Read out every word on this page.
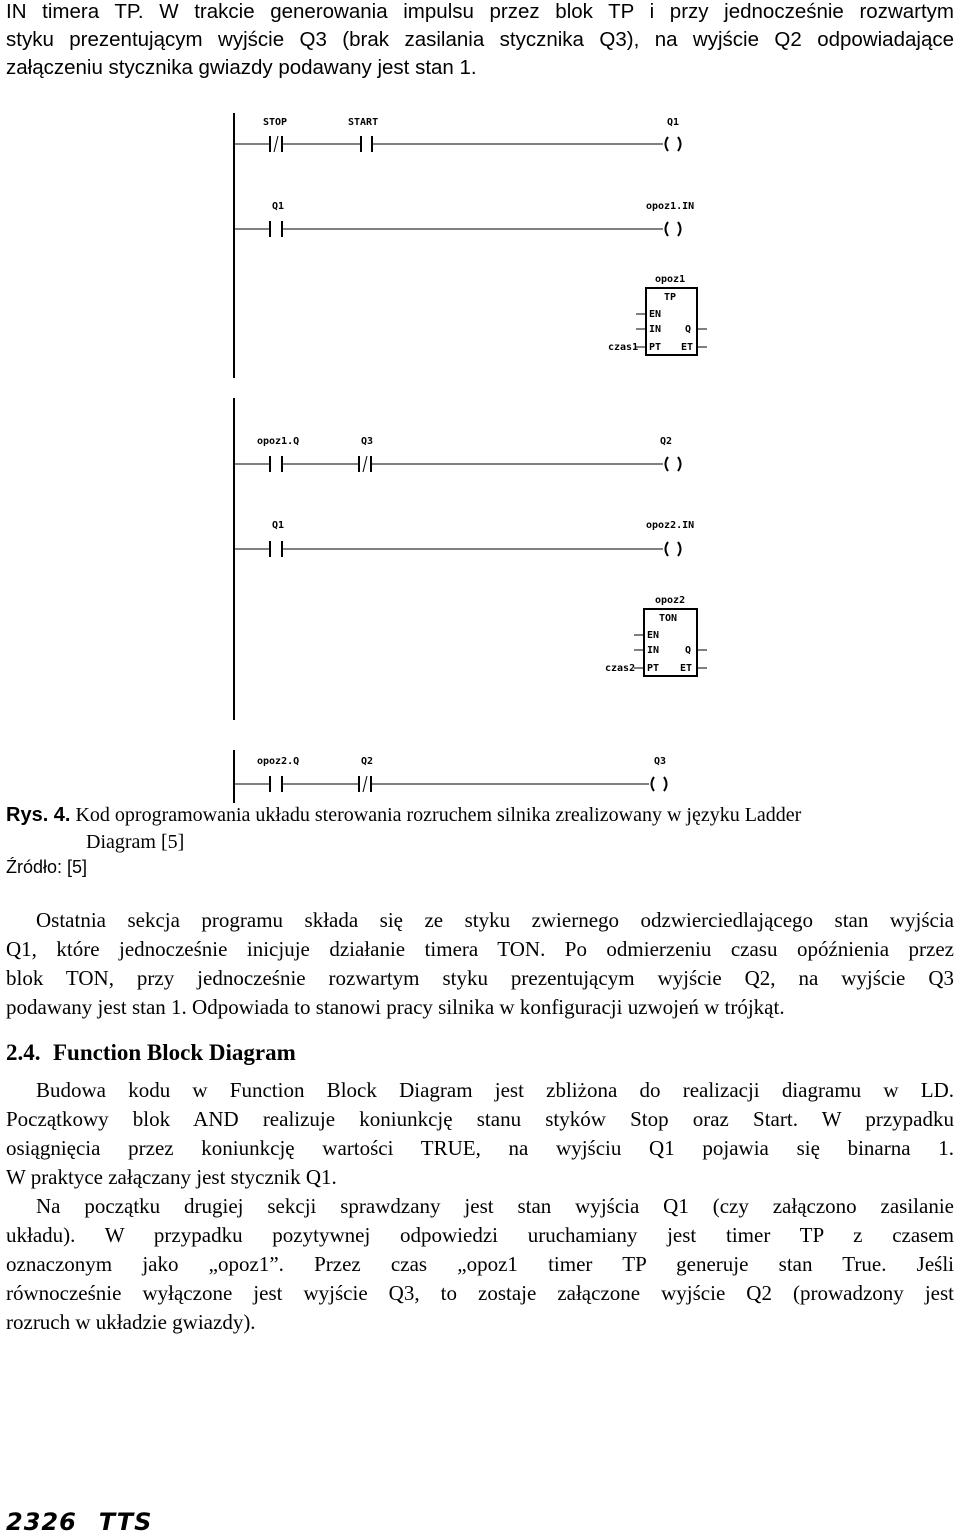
IN timera TP. W trakcie generowania impulsu przez blok TP i przy jednocześnie rozwartym
styku prezentującym wyjście Q3 (brak zasilania stycznika Q3), na wyjście Q2 odpowiadające
załączeniu stycznika gwiazdy podawany jest stan 1.
STOP	START	Q1
Q1	opoz1.IN
opoz1
TP
EN
IN
PT
Q
ET
czas1
opoz1.Q	Q3	Q2
Q1	opoz2.IN
opoz2
TON
EN
IN
PT
Q
ET
czas2
opoz2.Q	Q2	Q3
Rys. 4. Kod oprogramowania układu sterowania rozruchem silnika zrealizowany w języku Ladder
Diagram [5]
Źródło: [5]
Ostatnia sekcja programu składa się ze styku zwiernego odzwierciedlającego stan wyjścia
Q1, które jednocześnie inicjuje działanie timera TON. Po odmierzeniu czasu opóźnienia przez
blok TON, przy jednocześnie rozwartym styku prezentującym wyjście Q2, na wyjście Q3
podawany jest stan 1. Odpowiada to stanowi pracy silnika w konfiguracji uzwojeń w trójkąt.
2.4. Function Block Diagram
Budowa kodu w Function Block Diagram jest zbliżona do realizacji diagramu w LD.
Początkowy blok AND realizuje koniunkcję stanu styków Stop oraz Start. W przypadku
osiągnięcia przez koniunkcję wartości TRUE, na wyjściu Q1 pojawia się binarna 1.
W praktyce załączany jest stycznik Q1.
Na początku drugiej sekcji sprawdzany jest stan wyjścia Q1 (czy załączono zasilanie
układu). W przypadku pozytywnej odpowiedzi uruchamiany jest timer TP z czasem
oznaczonym jako „opoz1”. Przez czas „opoz1 timer TP generuje stan True. Jeśli
równocześnie wyłączone jest wyjście Q3, to zostaje załączone wyjście Q2 (prowadzony jest
rozruch w układzie gwiazdy).
2326 TTS
